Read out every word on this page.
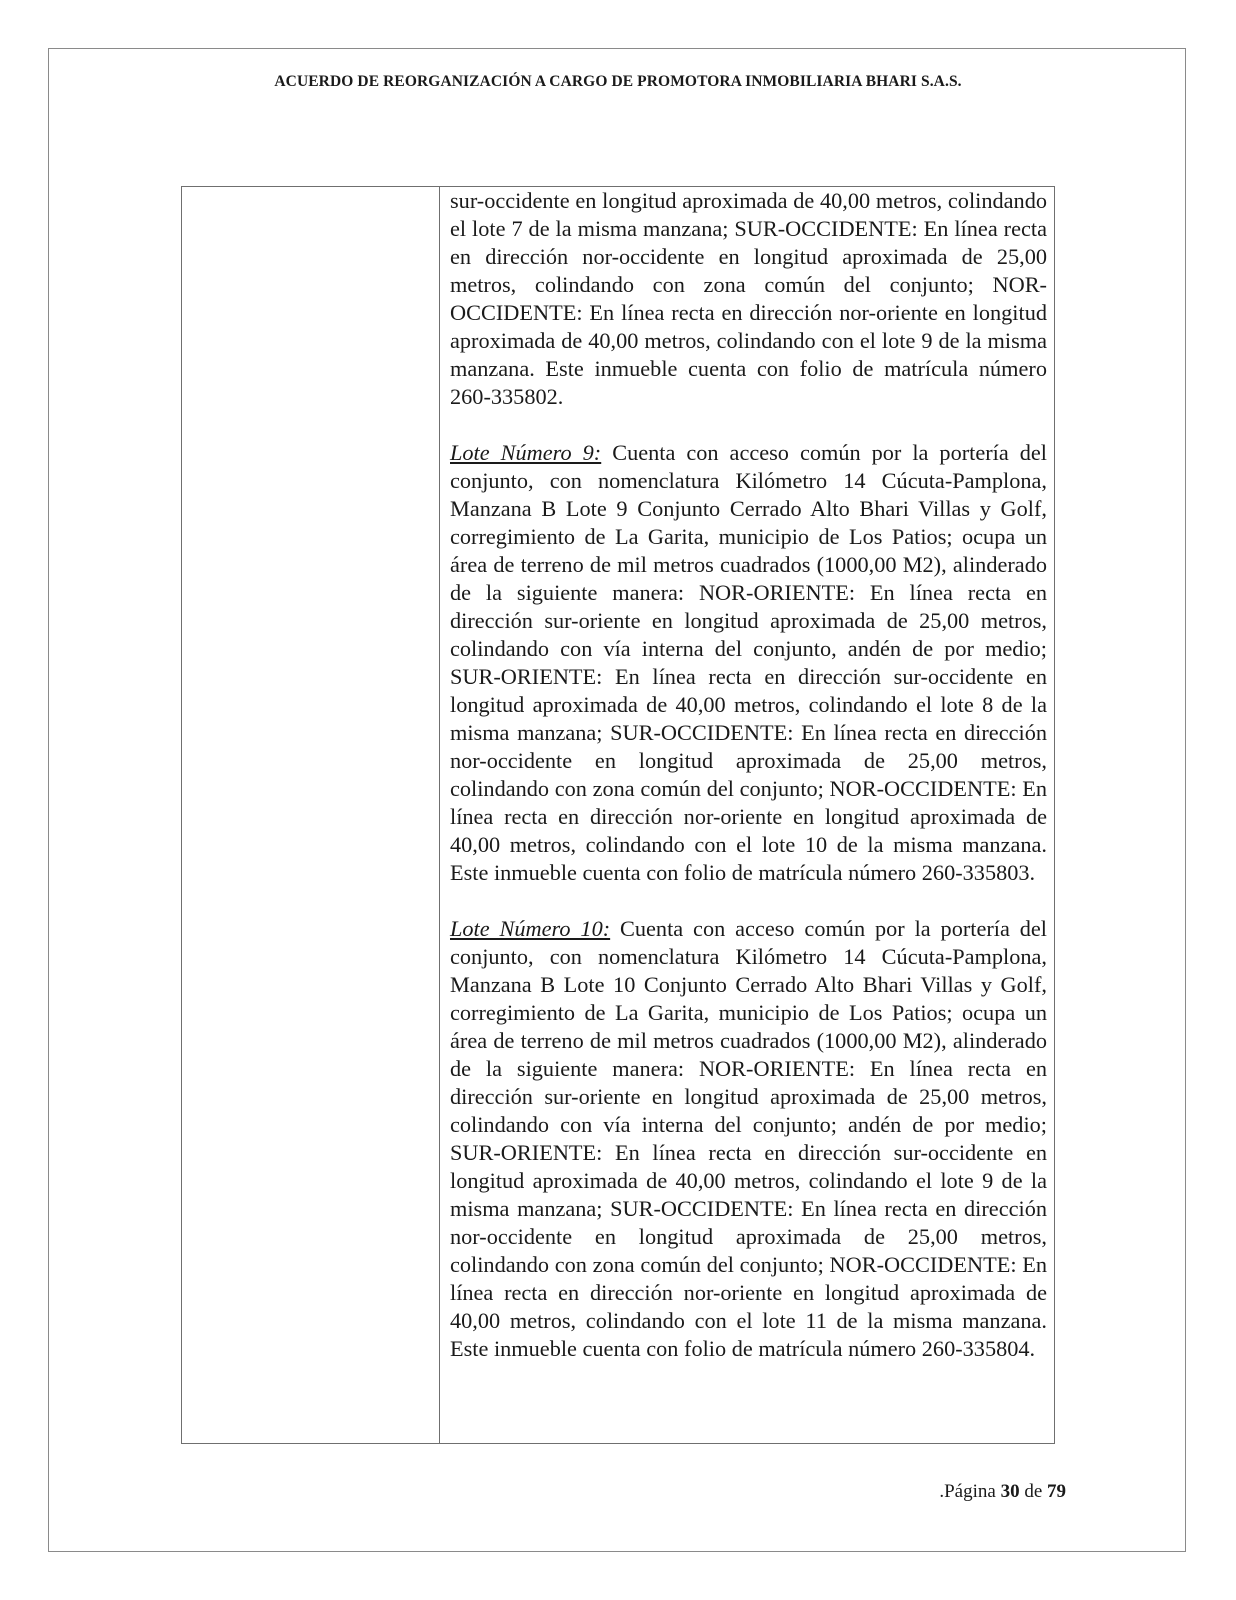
ACUERDO DE REORGANIZACIÓN A CARGO DE PROMOTORA INMOBILIARIA BHARI S.A.S.

sur-occidente en longitud aproximada de 40,00 metros, colindando el lote 7 de la misma manzana; SUR-OCCIDENTE: En línea recta en dirección nor-occidente en longitud aproximada de 25,00 metros, colindando con zona común del conjunto; NOR-OCCIDENTE: En línea recta en dirección nor-oriente en longitud aproximada de 40,00 metros, colindando con el lote 9 de la misma manzana. Este inmueble cuenta con folio de matrícula número 260-335802.

Lote Número 9: Cuenta con acceso común por la portería del conjunto, con nomenclatura Kilómetro 14 Cúcuta-Pamplona, Manzana B Lote 9 Conjunto Cerrado Alto Bhari Villas y Golf, corregimiento de La Garita, municipio de Los Patios; ocupa un área de terreno de mil metros cuadrados (1000,00 M2), alinderado de la siguiente manera: NOR-ORIENTE: En línea recta en dirección sur-oriente en longitud aproximada de 25,00 metros, colindando con vía interna del conjunto, andén de por medio; SUR-ORIENTE: En línea recta en dirección sur-occidente en longitud aproximada de 40,00 metros, colindando el lote 8 de la misma manzana; SUR-OCCIDENTE: En línea recta en dirección nor-occidente en longitud aproximada de 25,00 metros, colindando con zona común del conjunto; NOR-OCCIDENTE: En línea recta en dirección nor-oriente en longitud aproximada de 40,00 metros, colindando con el lote 10 de la misma manzana. Este inmueble cuenta con folio de matrícula número 260-335803.

Lote Número 10: Cuenta con acceso común por la portería del conjunto, con nomenclatura Kilómetro 14 Cúcuta-Pamplona, Manzana B Lote 10 Conjunto Cerrado Alto Bhari Villas y Golf, corregimiento de La Garita, municipio de Los Patios; ocupa un área de terreno de mil metros cuadrados (1000,00 M2), alinderado de la siguiente manera: NOR-ORIENTE: En línea recta en dirección sur-oriente en longitud aproximada de 25,00 metros, colindando con vía interna del conjunto; andén de por medio; SUR-ORIENTE: En línea recta en dirección sur-occidente en longitud aproximada de 40,00 metros, colindando el lote 9 de la misma manzana; SUR-OCCIDENTE: En línea recta en dirección nor-occidente en longitud aproximada de 25,00 metros, colindando con zona común del conjunto; NOR-OCCIDENTE: En línea recta en dirección nor-oriente en longitud aproximada de 40,00 metros, colindando con el lote 11 de la misma manzana. Este inmueble cuenta con folio de matrícula número 260-335804.

.Página 30 de 79
